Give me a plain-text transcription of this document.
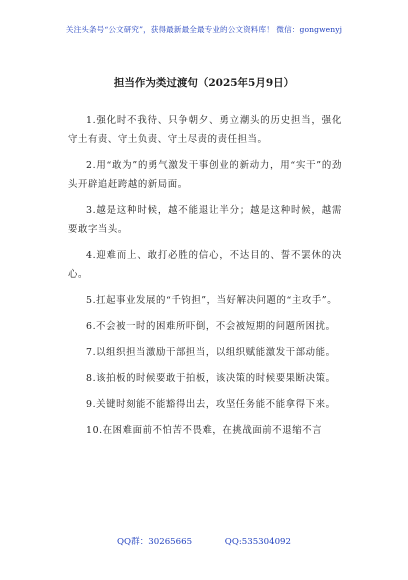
关注头条号“公文研究”，获得最新最全最专业的公文资料库！ 微信：gongwenyj
担当作为类过渡句（2025年5月9日）

1.强化时不我待、只争朝夕、勇立潮头的历史担当，强化守土有责、守土负责、守土尽责的责任担当。

2.用“敢为”的勇气激发干事创业的新动力，用“实干”的劲头开辟追赶跨越的新局面。

3.越是这种时候，越不能退让半分；越是这种时候，越需要敢字当头。

4.迎难而上、敢打必胜的信心，不达目的、誓不罢休的决心。

5.扛起事业发展的“千钧担”，当好解决问题的“主攻手”。

6.不会被一时的困难所吓倒，不会被短期的问题所困扰。

7.以组织担当激励干部担当，以组织赋能激发干部动能。

8.该拍板的时候要敢于拍板，该决策的时候要果断决策。

9.关键时刻能不能豁得出去，攻坚任务能不能拿得下来。

10.在困难面前不怕苦不畏难，在挑战面前不退缩不言

QQ群：30265665	QQ:535304092
